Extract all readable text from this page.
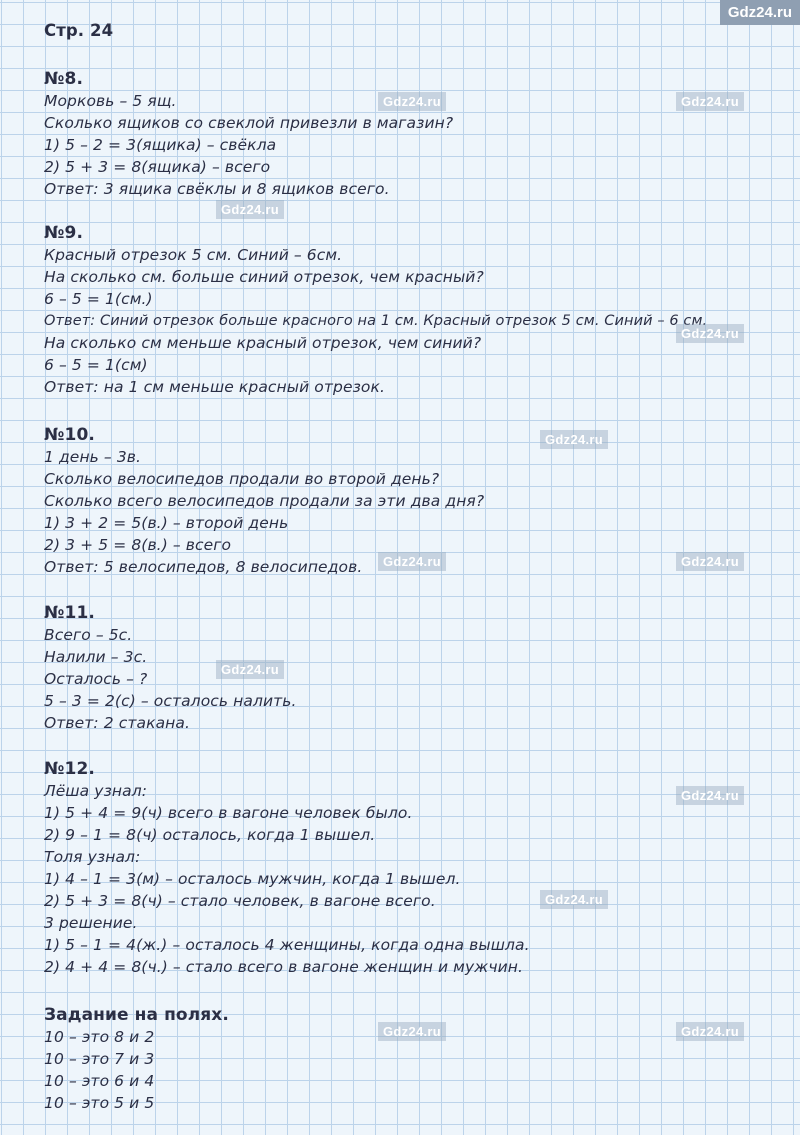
Gdz24.ru

Стр. 24

№8.

Морковь – 5 ящ.

Сколько ящиков со свеклой привезли в магазин?

1) 5 – 2 = 3(ящика) – свёкла

2) 5 + 3 = 8(ящика) – всего

Ответ: 3 ящика свёклы и 8 ящиков всего.

№9.

Красный отрезок 5 см. Синий – 6см.

На сколько см. больше синий отрезок, чем красный?

6 – 5 = 1(см.)

Ответ: Синий отрезок больше красного на 1 см. Красный отрезок 5 см. Синий – 6 см.

На сколько см меньше красный отрезок, чем синий?

6 – 5 = 1(см)

Ответ: на 1 см меньше красный отрезок.

№10.

1 день – 3в.

Сколько велосипедов продали во второй день?

Сколько всего велосипедов продали за эти два дня?

1) 3 + 2 = 5(в.) – второй день

2) 3 + 5 = 8(в.) – всего

Ответ: 5 велосипедов, 8 велосипедов.

№11.

Всего – 5с.

Налили – 3с.

Осталось – ?

5 – 3 = 2(с) – осталось налить.

Ответ: 2 стакана.

№12.

Лёша узнал:

1) 5 + 4 = 9(ч) всего в вагоне человек было.

2) 9 – 1 = 8(ч) осталось, когда 1 вышел.

Толя узнал:

1) 4 – 1 = 3(м) – осталось мужчин, когда 1 вышел.

2) 5 + 3 = 8(ч) – стало человек, в вагоне всего.

3 решение.

1) 5 – 1 = 4(ж.) – осталось 4 женщины, когда одна вышла.

2) 4 + 4 = 8(ч.) – стало всего в вагоне женщин и мужчин.

Задание на полях.

10 – это 8 и 2

10 – это 7 и 3

10 – это 6 и 4

10 – это 5 и 5

Gdz24.ru	Gdz24.ru
Gdz24.ru
Gdz24.ru
Gdz24.ru
Gdz24.ru	Gdz24.ru
Gdz24.ru
Gdz24.ru
Gdz24.ru
Gdz24.ru	Gdz24.ru
